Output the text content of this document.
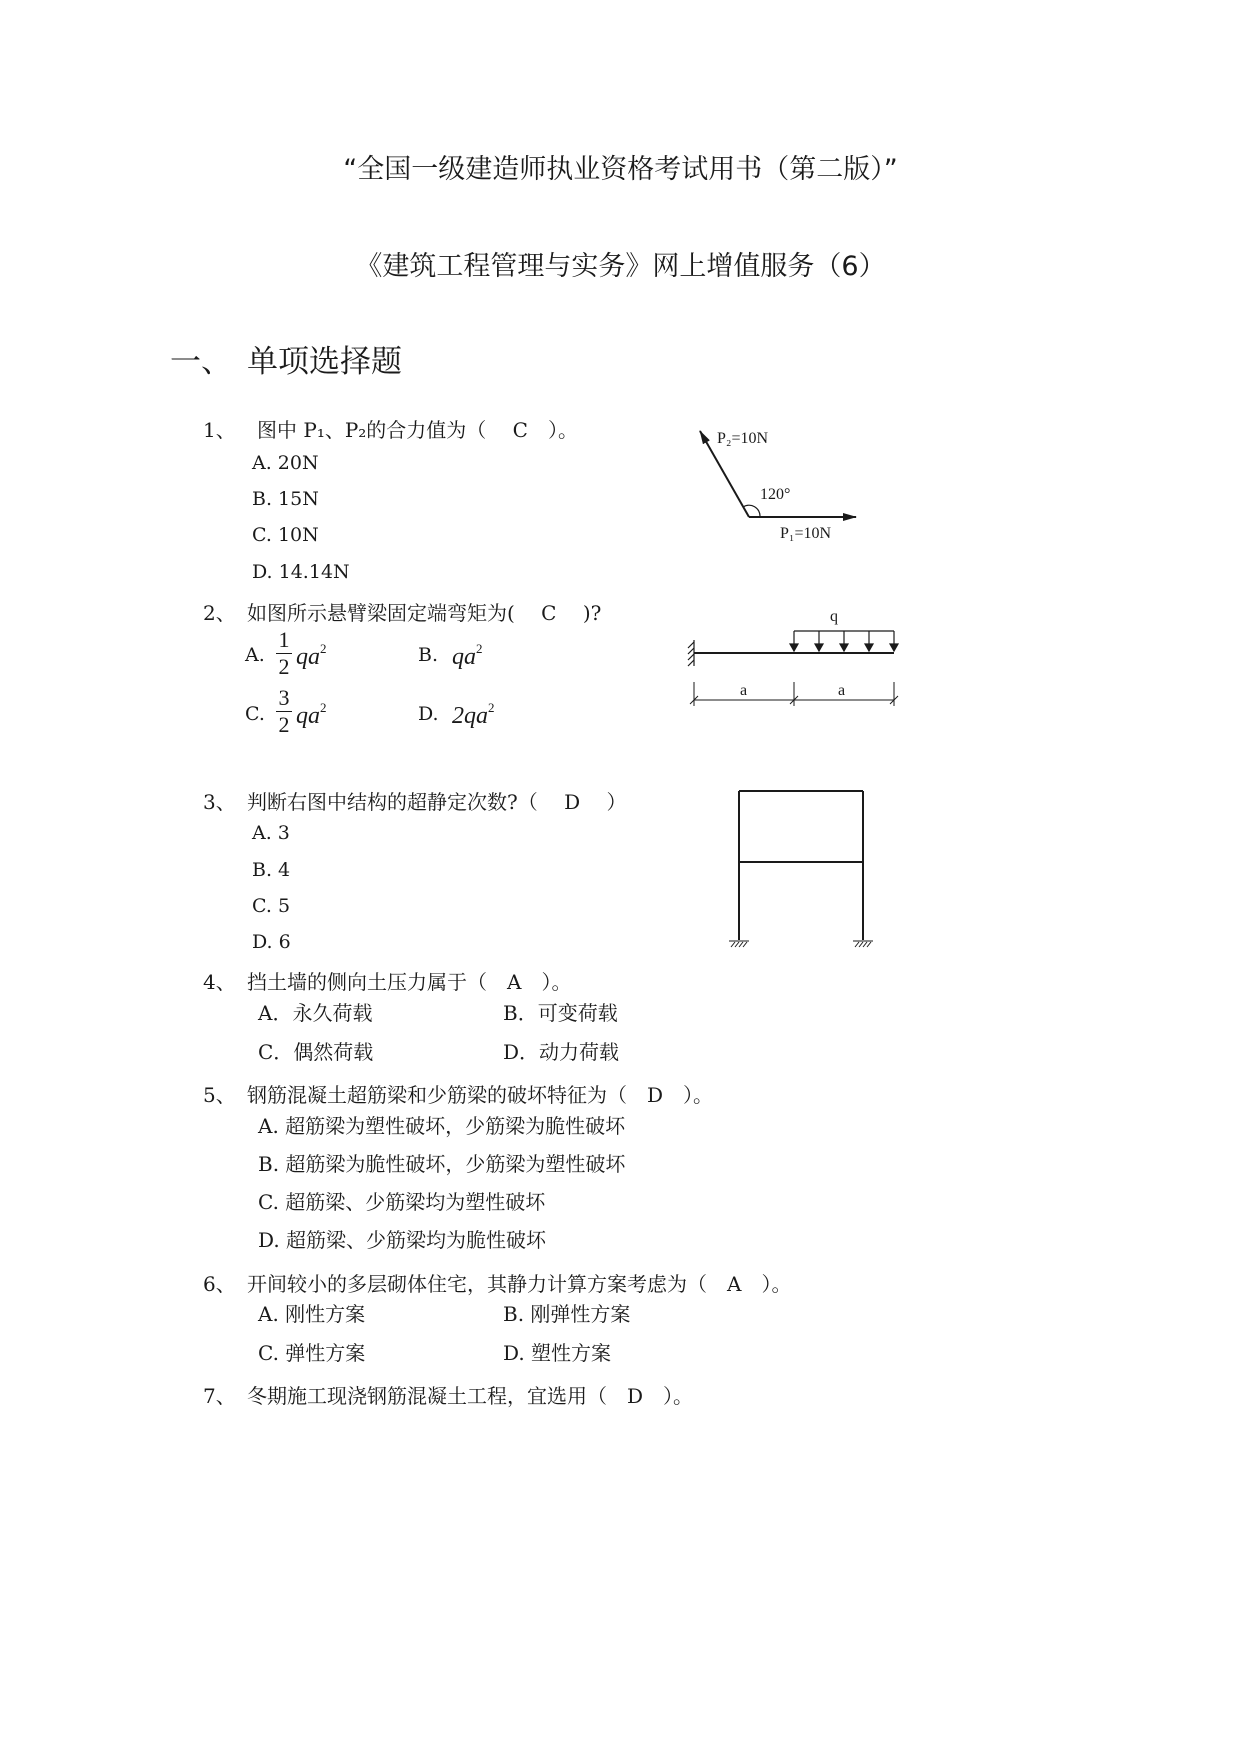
“全国一级建造师执业资格考试用书（第二版）”
《建筑工程管理与实务》网上增值服务（6）
一、 单项选择题
1、 图中 P₁、P₂的合力值为（　 C　）。
A. 20N
B. 15N
C. 10N
D. 14.14N
P₂=10N
120°
P₁=10N
2、 如图所示悬臂梁固定端弯矩为(　 C　 )?
A.
1
2 $qa^2$	B. $qa^2$
C.
3
2 $qa^2$	D. $2qa^2$
q
a	a
3、 判断右图中结构的超静定次数?（　 D　 ）
A. 3
B. 4
C. 5
D. 6
4、 挡土墙的侧向土压力属于（　A　）。
A．永久荷载	B．可变荷载
C．偶然荷载	D．动力荷载
5、 钢筋混凝土超筋梁和少筋梁的破坏特征为（　D　）。
A. 超筋梁为塑性破坏，少筋梁为脆性破坏
B. 超筋梁为脆性破坏，少筋梁为塑性破坏
C. 超筋梁、少筋梁均为塑性破坏
D. 超筋梁、少筋梁均为脆性破坏
6、 开间较小的多层砌体住宅，其静力计算方案考虑为（　A　）。
A. 刚性方案	B. 刚弹性方案
C. 弹性方案	D. 塑性方案
7、 冬期施工现浇钢筋混凝土工程，宜选用（　D　）。
